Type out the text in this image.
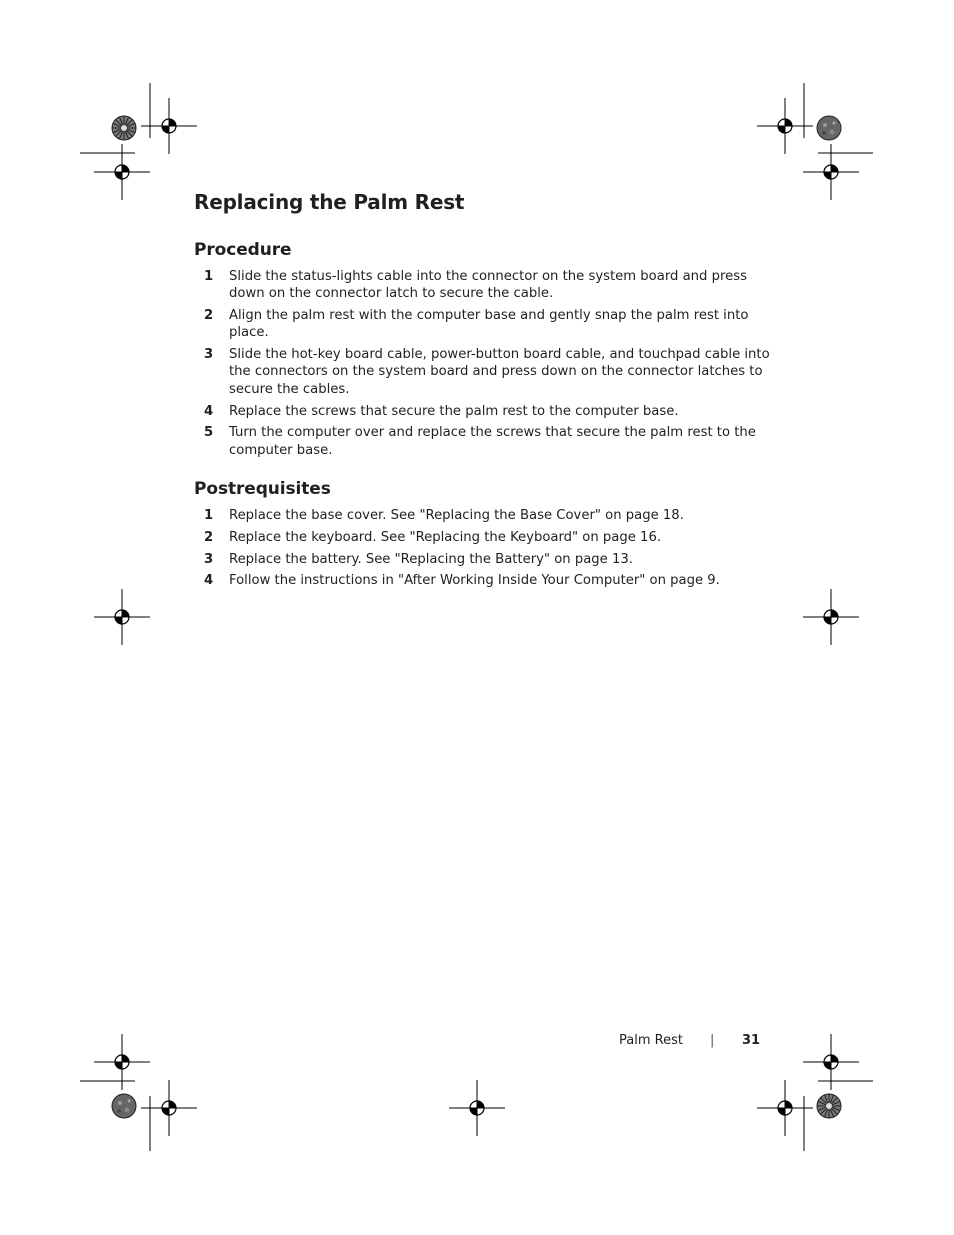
Replacing the Palm Rest
Procedure
1 Slide the status-lights cable into the connector on the system board and press down on the connector latch to secure the cable.
2 Align the palm rest with the computer base and gently snap the palm rest into place.
3 Slide the hot-key board cable, power-button board cable, and touchpad cable into the connectors on the system board and press down on the connector latches to secure the cables.
4 Replace the screws that secure the palm rest to the computer base.
5 Turn the computer over and replace the screws that secure the palm rest to the computer base.
Postrequisites
1 Replace the base cover. See "Replacing the Base Cover" on page 18.
2 Replace the keyboard. See "Replacing the Keyboard" on page 16.
3 Replace the battery. See "Replacing the Battery" on page 13.
4 Follow the instructions in "After Working Inside Your Computer" on page 9.
Palm Rest | 31
